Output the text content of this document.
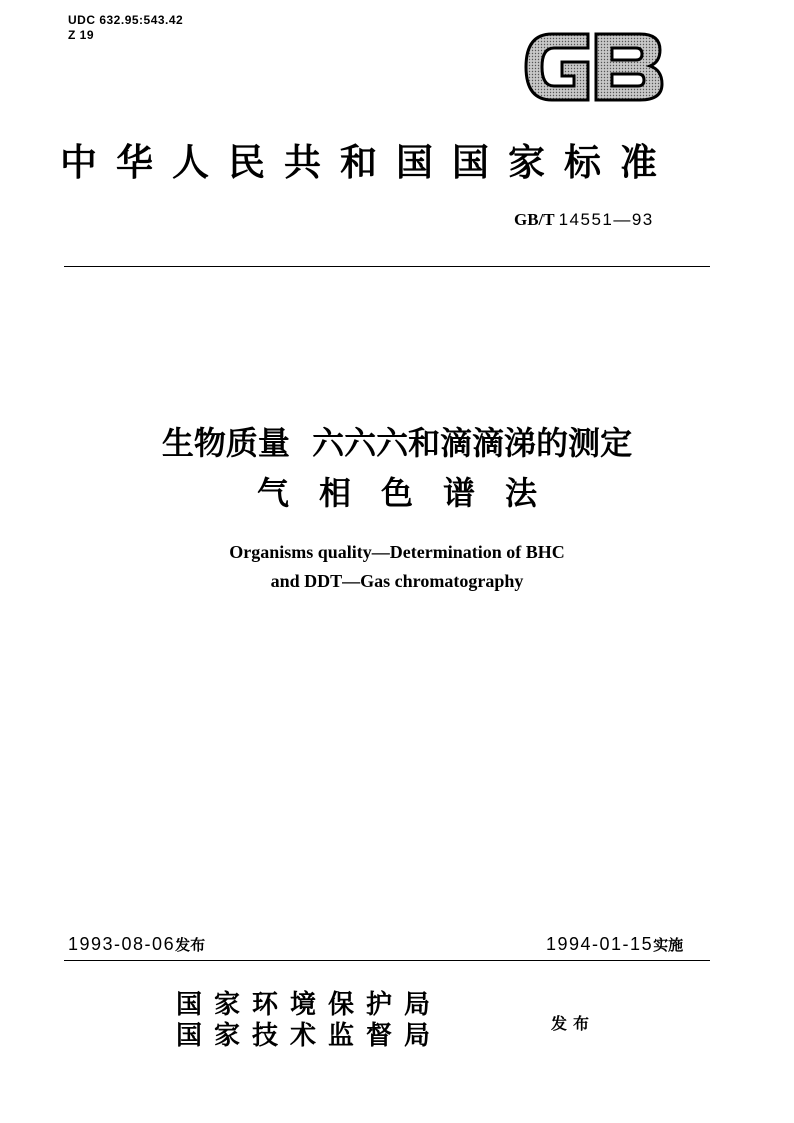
UDC 632.95:543.42
Z 19
中华人民共和国国家标准
GB/T 14551—93
生物质量  六六六和滴滴涕的测定
气相色谱法
Organisms quality—Determination of BHC
and DDT—Gas chromatography
1993-08-06发布	1994-01-15实施
国家环境保护局
国家技术监督局	发布
